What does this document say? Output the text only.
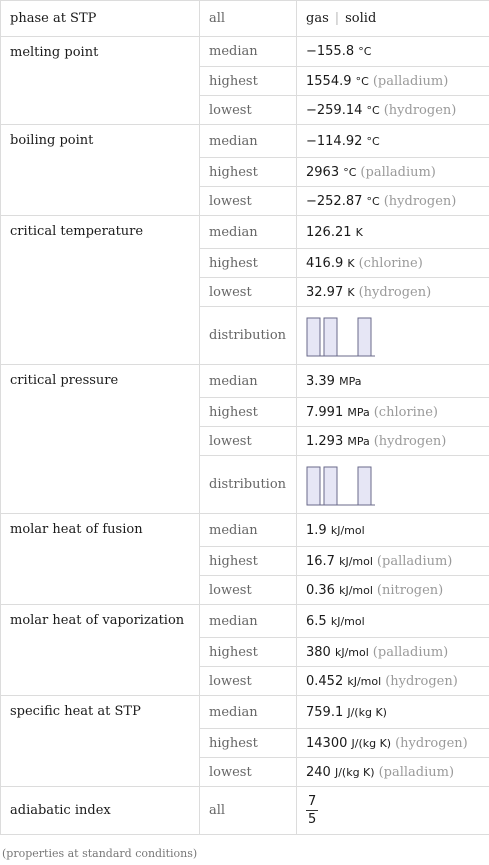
phase at STP	all	gas | solid
melting point	median	−155.8 °C
	highest	1554.9 °C (palladium)
	lowest	−259.14 °C (hydrogen)
boiling point	median	−114.92 °C
	highest	2963 °C (palladium)
	lowest	−252.87 °C (hydrogen)
critical temperature	median	126.21 K
	highest	416.9 K (chlorine)
	lowest	32.97 K (hydrogen)
	distribution	

critical pressure	median	3.39 MPa
	highest	7.991 MPa (chlorine)
	lowest	1.293 MPa (hydrogen)
	distribution	

molar heat of fusion	median	1.9 kJ/mol
	highest	16.7 kJ/mol (palladium)
	lowest	0.36 kJ/mol (nitrogen)
molar heat of vaporization	median	6.5 kJ/mol
	highest	380 kJ/mol (palladium)
	lowest	0.452 kJ/mol (hydrogen)
specific heat at STP	median	759.1 J/(kg K)
	highest	14300 J/(kg K) (hydrogen)
	lowest	240 J/(kg K) (palladium)
adiabatic index	all	$\frac{7}{5}$
(properties at standard conditions)
